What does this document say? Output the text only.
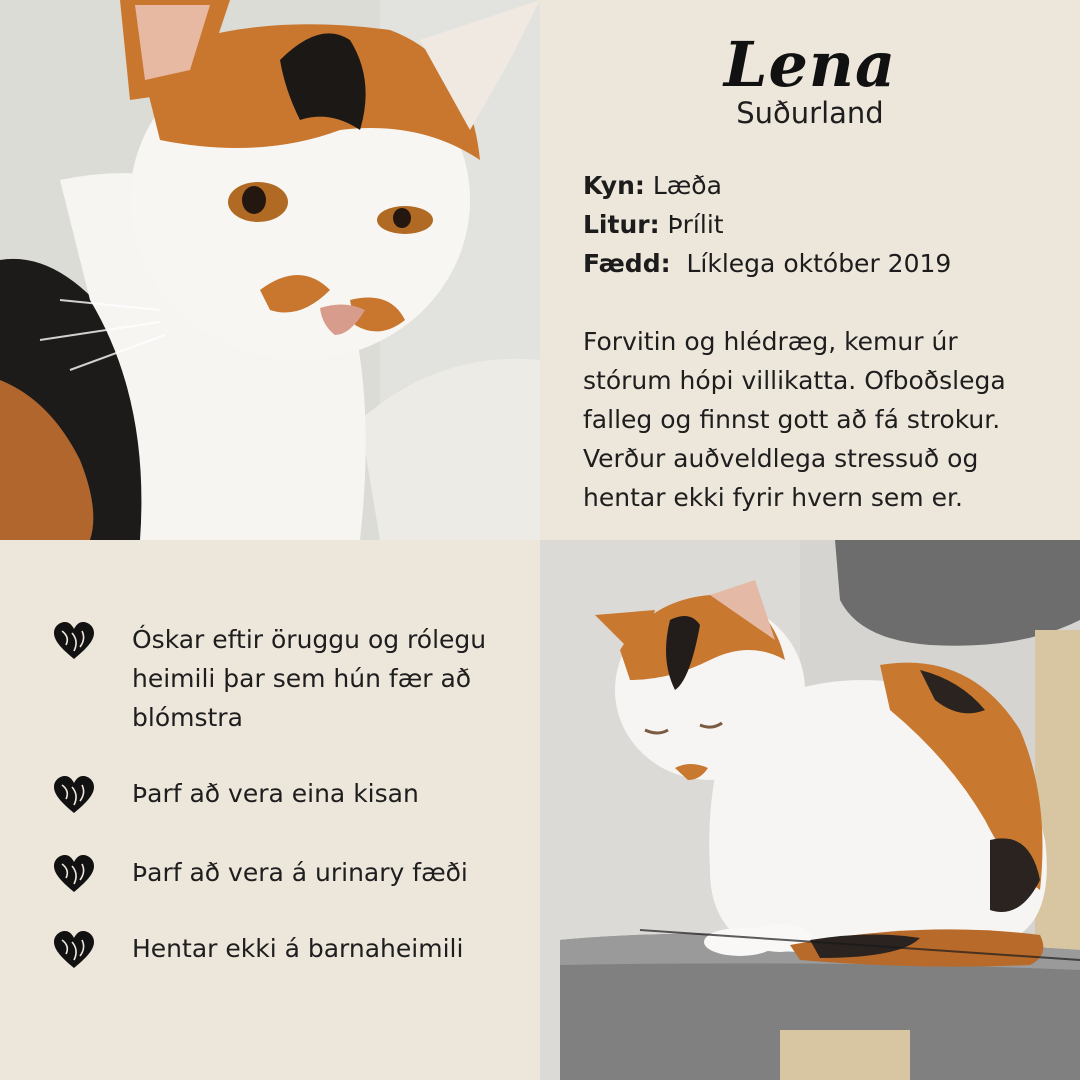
Lena
Suðurland
Kyn: Læða
Litur: Þrílit
Fædd:  Líklega október 2019
Forvitin og hlédræg, kemur úr stórum hópi villikatta. Ofboðslega falleg og finnst gott að fá strokur. Verður auðveldlega stressuð og hentar ekki fyrir hvern sem er.
Óskar eftir öruggu og rólegu heimili þar sem hún fær að blómstra
Þarf að vera eina kisan
Þarf að vera á urinary fæði
Hentar ekki á barnaheimili
